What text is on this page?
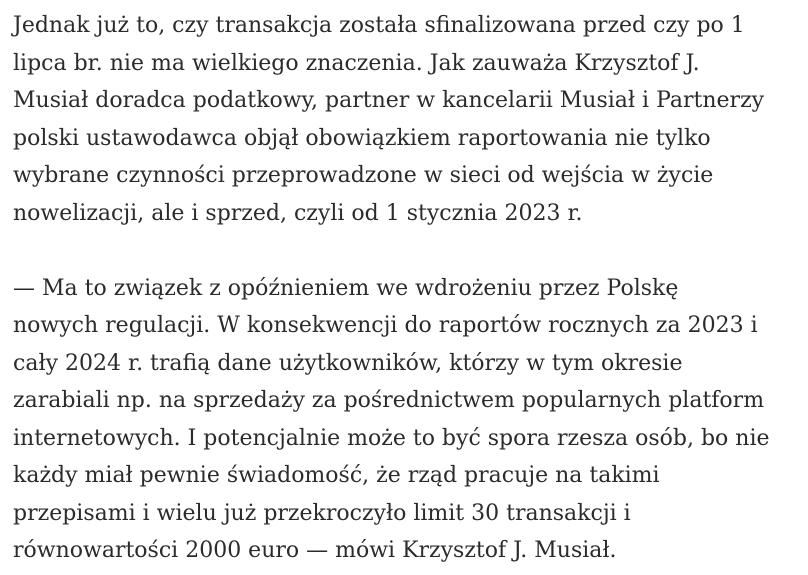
Jednak już to, czy transakcja została sfinalizowana przed czy po 1
lipca br. nie ma wielkiego znaczenia. Jak zauważa Krzysztof J.
Musiał doradca podatkowy, partner w kancelarii Musiał i Partnerzy
polski ustawodawca objął obowiązkiem raportowania nie tylko
wybrane czynności przeprowadzone w sieci od wejścia w życie
nowelizacji, ale i sprzed, czyli od 1 stycznia 2023 r.

— Ma to związek z opóźnieniem we wdrożeniu przez Polskę
nowych regulacji. W konsekwencji do raportów rocznych za 2023 i
cały 2024 r. trafią dane użytkowników, którzy w tym okresie
zarabiali np. na sprzedaży za pośrednictwem popularnych platform
internetowych. I potencjalnie może to być spora rzesza osób, bo nie
każdy miał pewnie świadomość, że rząd pracuje na takimi
przepisami i wielu już przekroczyło limit 30 transakcji i
równowartości 2000 euro — mówi Krzysztof J. Musiał.
